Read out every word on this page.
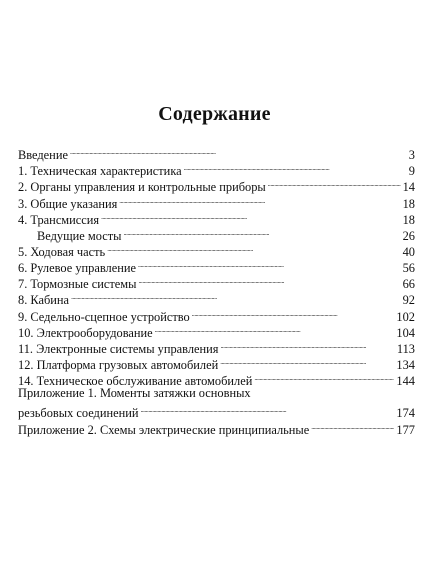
Содержание
Введение . . .	3
1. Техническая характеристика . . .	9
2. Органы управления и контрольные приборы . . .	14
3. Общие указания . . .	18
4. Трансмиссия . . .	18
Ведущие мосты . . .	26
5. Ходовая часть . . .	40
6. Рулевое управление . . .	56
7. Тормозные системы . . .	66
8. Кабина . . .	92
9. Седельно-сцепное устройство . . .	102
10. Электрооборудование . . .	104
11. Электронные системы управления . . .	113
12. Платформа грузовых автомобилей . . .	134
14. Техническое обслуживание автомобилей . . .	144
Приложение 1. Моменты затяжки основных
резьбовых соединений . . .	174
Приложение 2. Схемы электрические принципиальные . . .	177
